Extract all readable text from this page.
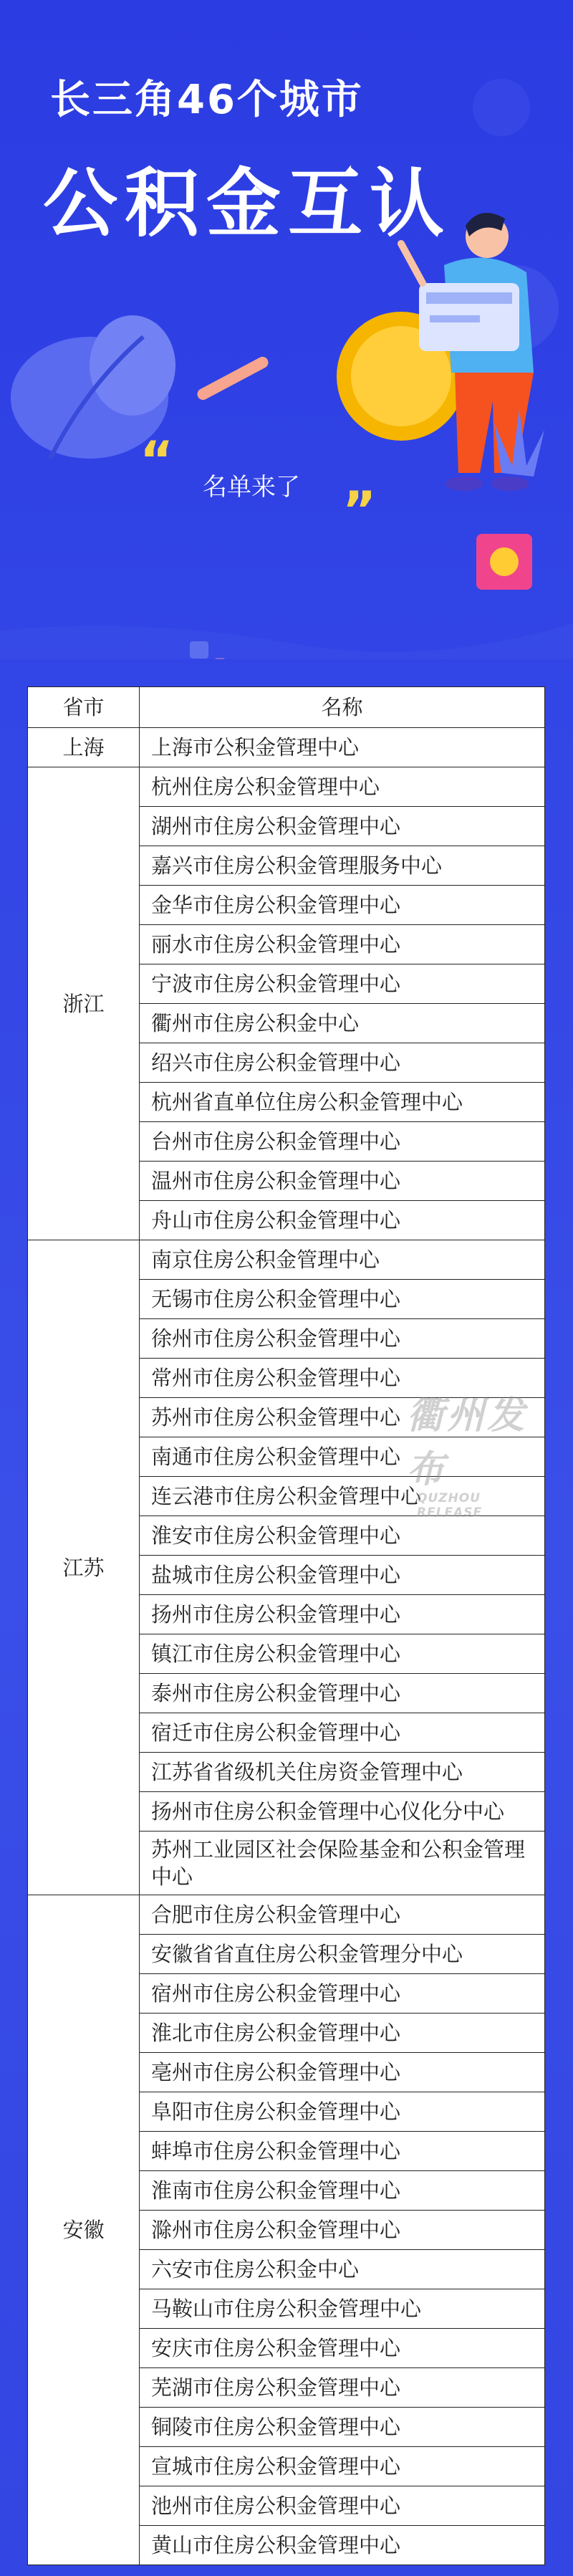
长三角46个城市
公积金互认
“ 名单来了 ”
省市	名称
上海	上海市公积金管理中心
浙江	杭州住房公积金管理中心
	湖州市住房公积金管理中心
	嘉兴市住房公积金管理服务中心
	金华市住房公积金管理中心
	丽水市住房公积金管理中心
	宁波市住房公积金管理中心
	衢州市住房公积金中心
	绍兴市住房公积金管理中心
	杭州省直单位住房公积金管理中心
	台州市住房公积金管理中心
	温州市住房公积金管理中心
	舟山市住房公积金管理中心
江苏	南京住房公积金管理中心
	无锡市住房公积金管理中心
	徐州市住房公积金管理中心
	常州市住房公积金管理中心
	苏州市住房公积金管理中心
	南通市住房公积金管理中心
	连云港市住房公积金管理中心
	淮安市住房公积金管理中心
	盐城市住房公积金管理中心
	扬州市住房公积金管理中心
	镇江市住房公积金管理中心
	泰州市住房公积金管理中心
	宿迁市住房公积金管理中心
	江苏省省级机关住房资金管理中心
	扬州市住房公积金管理中心仪化分中心
	苏州工业园区社会保险基金和公积金管理中心
安徽	合肥市住房公积金管理中心
	安徽省省直住房公积金管理分中心
	宿州市住房公积金管理中心
	淮北市住房公积金管理中心
	亳州市住房公积金管理中心
	阜阳市住房公积金管理中心
	蚌埠市住房公积金管理中心
	淮南市住房公积金管理中心
	滁州市住房公积金管理中心
	六安市住房公积金中心
	马鞍山市住房公积金管理中心
	安庆市住房公积金管理中心
	芜湖市住房公积金管理中心
	铜陵市住房公积金管理中心
	宣城市住房公积金管理中心
	池州市住房公积金管理中心
	黄山市住房公积金管理中心
衢州发布
QUZHOU RELEASE
